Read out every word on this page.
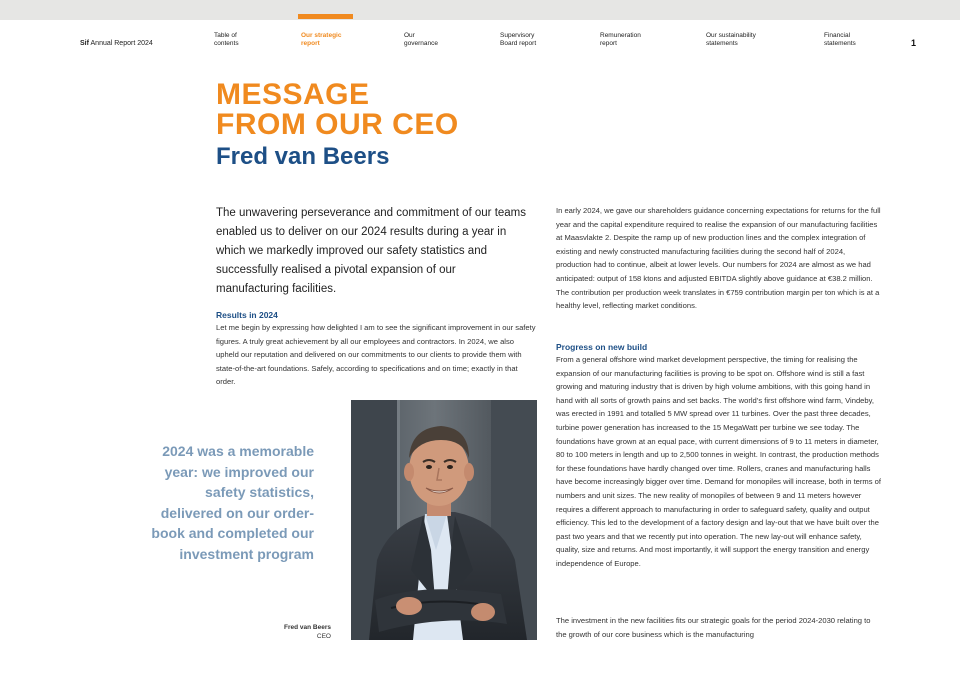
Sif Annual Report 2024
Table of
contents
Our strategic
report
Our
governance
Supervisory
Board report
Remuneration
report
Our sustainability
statements
Financial
statements	1
MESSAGE
FROM OUR CEO
Fred van Beers
The unwavering perseverance and commitment of our teams enabled us to deliver on our 2024 results during a year in which we markedly improved our safety statistics and successfully realised a pivotal expansion of our manufacturing facilities.
Results in 2024
Let me begin by expressing how delighted I am to see the significant improvement in our safety figures. A truly great achievement by all our employees and contractors. In 2024, we also upheld our reputation and delivered on our commitments to our clients to provide them with state-of-the-art foundations. Safely, according to specifications and on time; exactly in that order.
In early 2024, we gave our shareholders guidance concerning expectations for returns for the full year and the capital expenditure required to realise the expansion of our manufacturing facilities at Maasvlakte 2. Despite the ramp up of new production lines and the complex integration of existing and newly constructed manufacturing facilities during the second half of 2024, production had to continue, albeit at lower levels. Our numbers for 2024 are almost as we had anticipated: output of 158 ktons and adjusted EBITDA slightly above guidance at €38.2 million. The contribution per production week translates in €759 contribution margin per ton which is at a healthy level, reflecting market conditions.
Progress on new build
From a general offshore wind market development perspective, the timing for realising the expansion of our manufacturing facilities is proving to be spot on. Offshore wind is still a fast growing and maturing industry that is driven by high volume ambitions, with this going hand in hand with all sorts of growth pains and set backs. The world’s first offshore wind farm, Vindeby, was erected in 1991 and totalled 5 MW spread over 11 turbines. Over the past three decades, turbine power generation has increased to the 15 MegaWatt per turbine we see today. The foundations have grown at an equal pace, with current dimensions of 9 to 11 meters in diameter, 80 to 100 meters in length and up to 2,500 tonnes in weight. In contrast, the production methods for these foundations have hardly changed over time. Rollers, cranes and manufacturing halls have become increasingly bigger over time. Demand for monopiles will increase, both in terms of numbers and unit sizes. The new reality of monopiles of between 9 and 11 meters however requires a different approach to manufacturing in order to safeguard safety, quality and output efficiency. This led to the development of a factory design and lay-out that we have built over the past two years and that we recently put into operation. The new lay-out will enhance safety, quality, size and returns. And most importantly, it will support the energy transition and energy independence of Europe.
The investment in the new facilities fits our strategic goals for the period 2024-2030 relating to the growth of our core business which is the manufacturing
2024 was a memorable year: we improved our safety statistics, delivered on our order-book and completed our investment program
Fred van Beers
CEO
